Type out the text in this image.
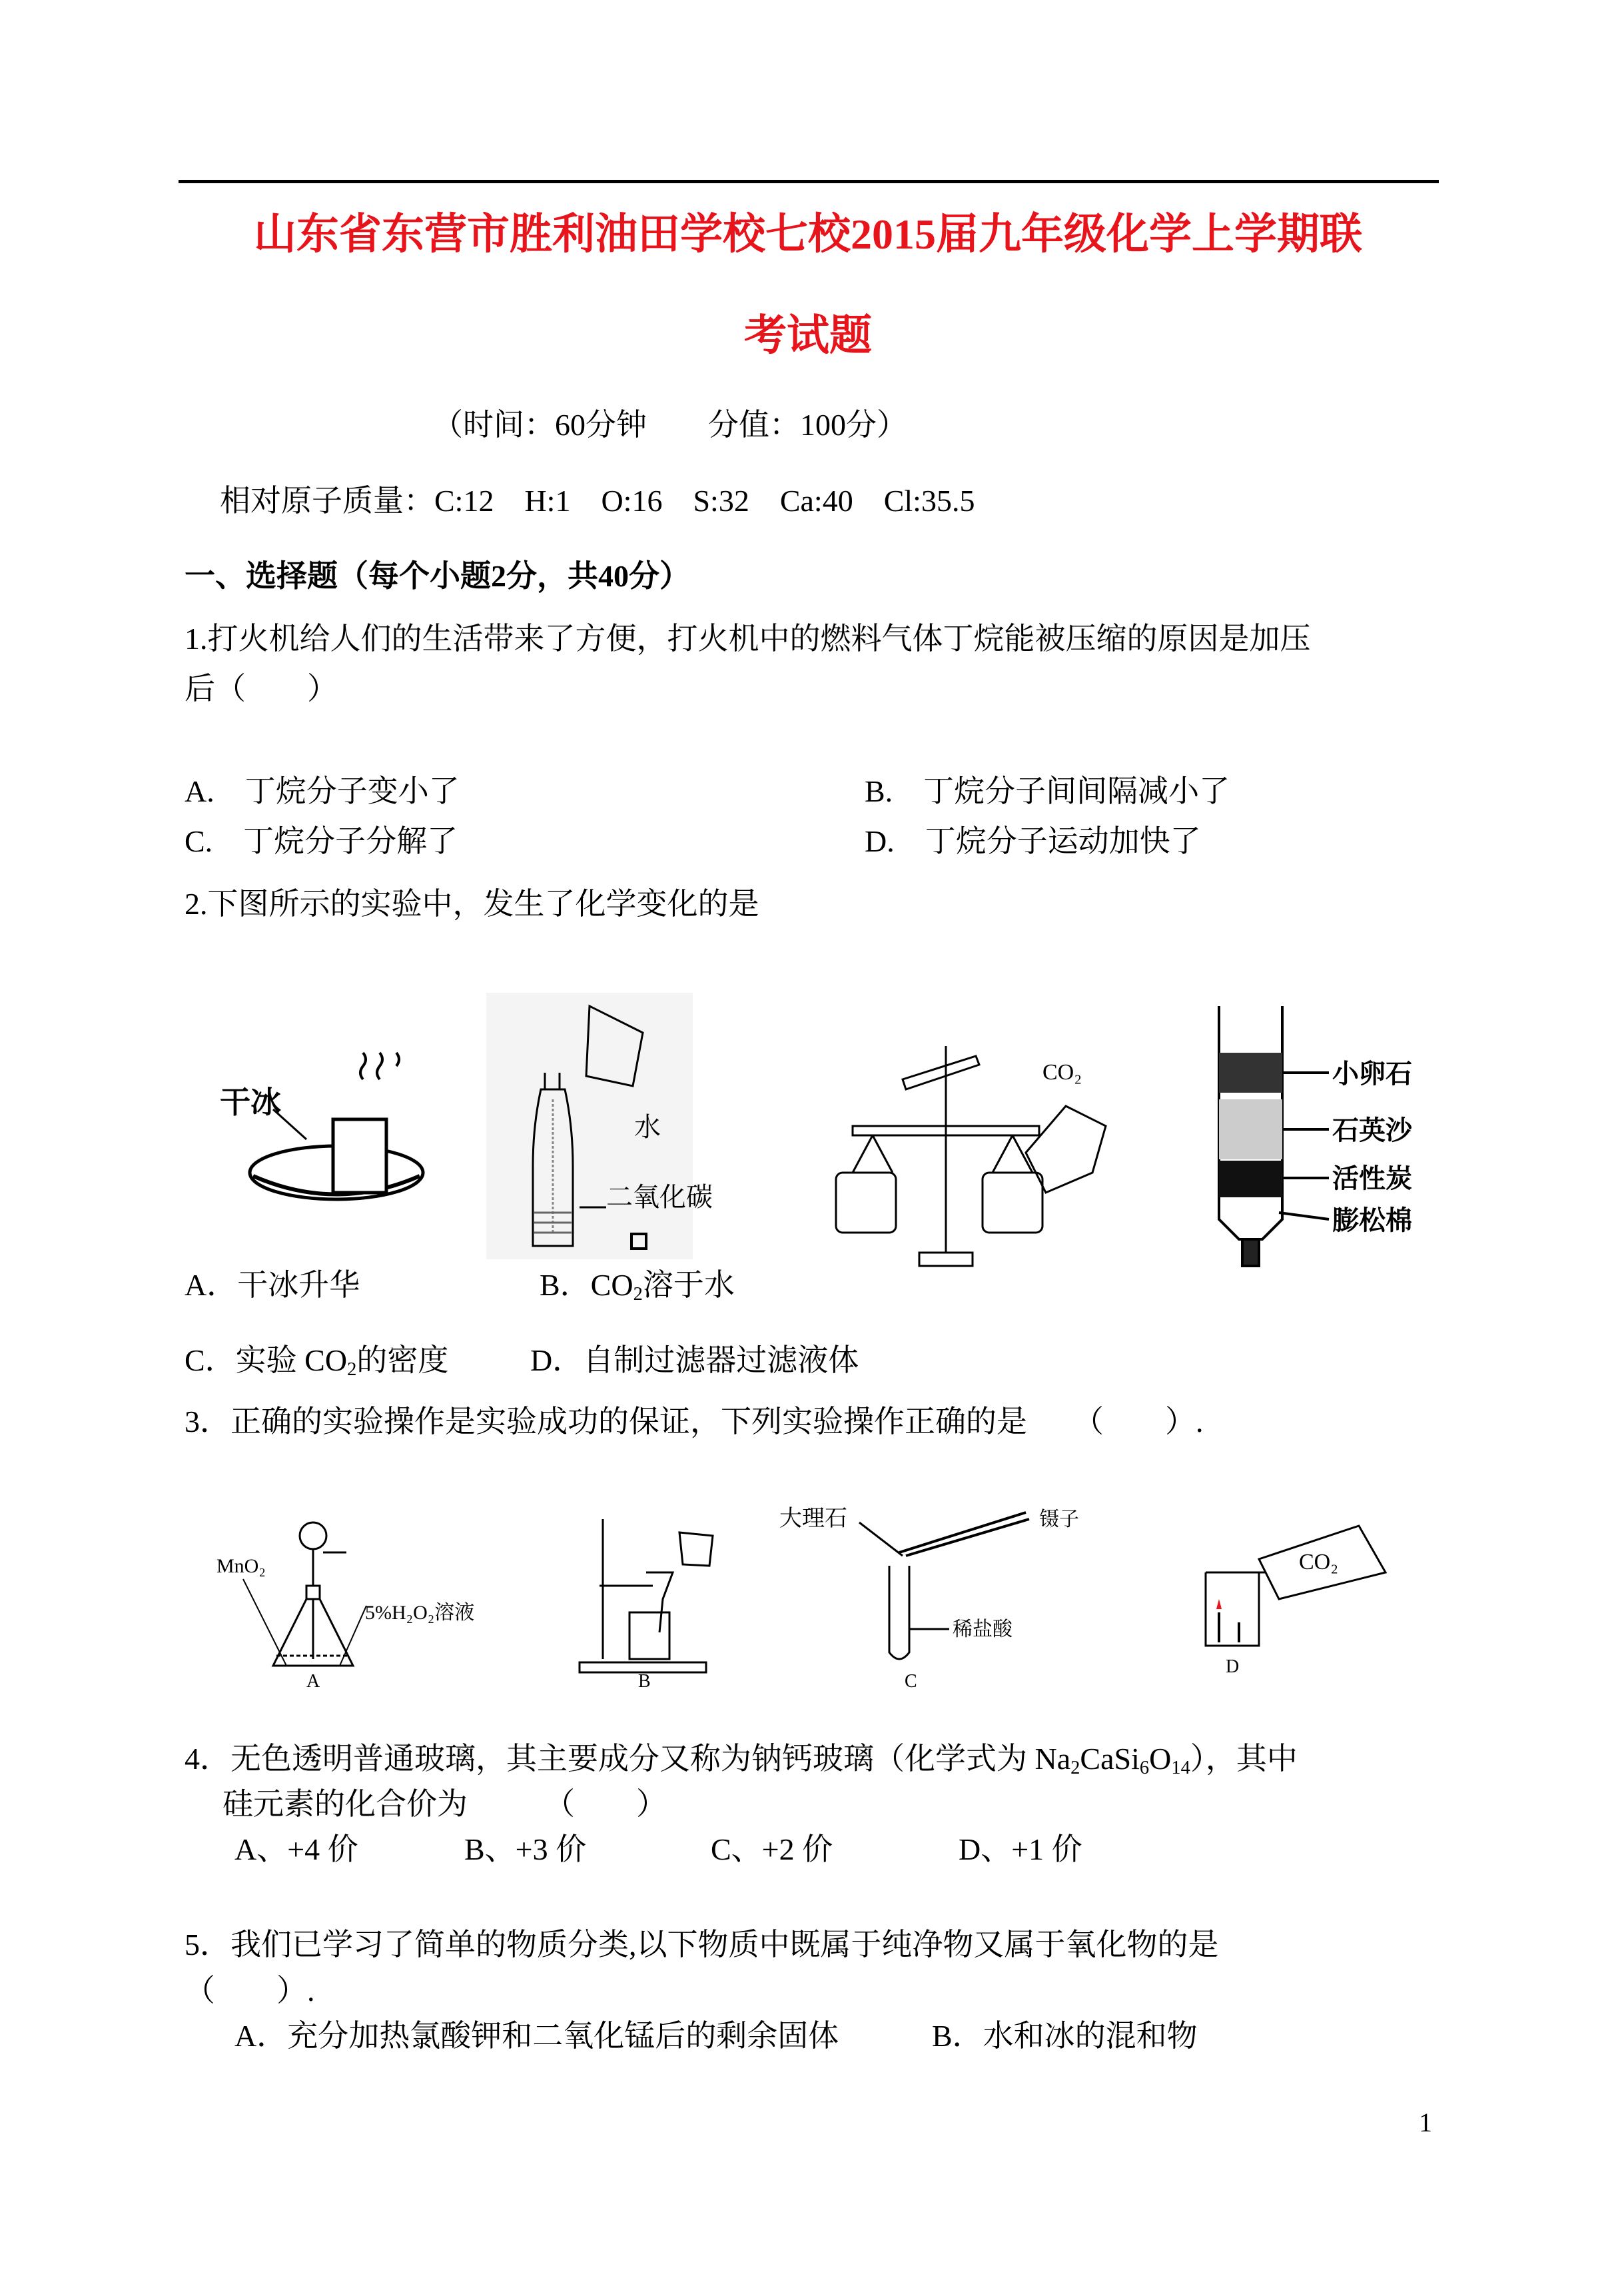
山东省东营市胜利油田学校七校2015届九年级化学上学期联
考试题
（时间：60分钟　　分值：100分）
相对原子质量：C:12　H:1　O:16　S:32　Ca:40　Cl:35.5
一、选择题（每个小题2分，共40分）
1.打火机给人们的生活带来了方便，打火机中的燃料气体丁烷能被压缩的原因是加压
后（　　）
A.　丁烷分子变小了	B.　丁烷分子间间隔减小了
C.　丁烷分子分解了	D.　丁烷分子运动加快了
2.下图所示的实验中，发生了化学变化的是
干冰
水
二氧化碳
CO₂	小卵石
石英沙
活性炭
膨松棉
A．干冰升华	B．$CO_2$溶于水
C．实验 $CO_2$的密度	D．自制过滤器过滤液体
3．正确的实验操作是实验成功的保证，下列实验操作正确的是　　（　　）.
MnO₂
5%H₂O₂溶液
A	B
大理石	镊子
稀盐酸
C
CO₂
D
4．无色透明普通玻璃，其主要成分又称为钠钙玻璃（化学式为 $Na_2CaSi_6O_{14}$），其中
硅元素的化合价为　　　（　　）
A、+4 价	B、+3 价	C、+2 价	D、+1 价
5．我们已学习了简单的物质分类,以下物质中既属于纯净物又属于氧化物的是
（　　）.
A．充分加热氯酸钾和二氧化锰后的剩余固体	B．水和冰的混和物
1
